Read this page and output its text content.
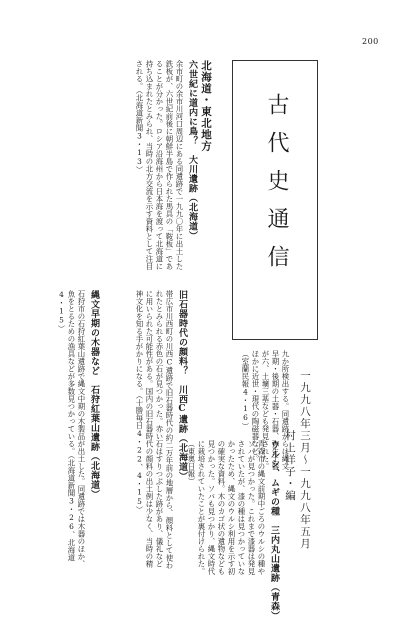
200
古代史通信
一九九八年三月〜一九九八年五月
村上洋子・編
九か所検出する。同遺跡からは縄文早期・後期の土器・石器、弥生土器が六、土壙三基なども発見された。ほかに近世・現代の陶磁器など。（室蘭民報4・16）
ウルシ、ムギの種　三内丸山遺跡（青森）
青森市の縄文前期中ごろのウルシの種やソバが見つかった。これまで漆器は発見されていたが、漆の種は見つかっていなかったため、縄文のウルシ利用を示す初の確実な資料。木のカゴ状の遺物なども見つかった。ソバも見つかり、縄文時代に栽培されていたことが裏付けられた。（東奥日報）
北海道・東北地方
六世紀に道内に鳥？　大川遺跡（北海道）
余市町の余市川河口周辺にある同遺跡で一九九〇年に出土した鉄板が、六世紀前後に朝鮮半島で作られた馬具の「鞍板」であることが分かった。ロシア沿海州から日本海を渡って北海道に持ち込まれたとみられ、当時の北方交流を示す資料として注目される。（北海道新聞3・13）
旧石器時代の顔料？　川西C遺跡（北海道）
帯広市川西町の川西C遺跡で旧石器時代の約二万年前の地層から、顔料として使われたとみられる赤色の石が見つかった。赤い石はすりつぶした跡があり、儀礼などに用いられた可能性がある。国内の旧石器時代の顔料の出土例は少なく、当時の精神文化を知る手がかりになる。（十勝毎日4・22、4・15）
縄文早期の木器など　石狩紅葉山遺跡（北海道）
石狩市の石狩紅葉山遺跡で縄文中期の木製品が出土した。同遺跡では木器のほか、魚をとるための漁具などが多数見つかっている。（北海道新聞3・26、北海道4・15）
